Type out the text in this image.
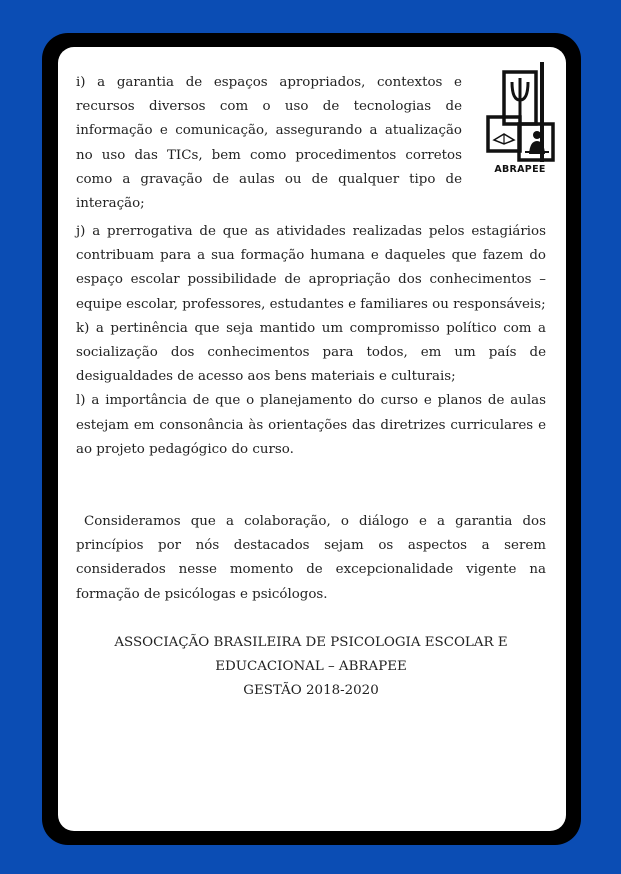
i) a garantia de espaços apropriados, contextos e recursos diversos com o uso de tecnologias de informação e comunicação, assegurando a atualização no uso das TICs, bem como procedimentos corretos como a gravação de aulas ou de qualquer tipo de interação;

ABRAPEE

j) a prerrogativa de que as atividades realizadas pelos estagiários contribuam para a sua formação humana e daqueles que fazem do espaço escolar possibilidade de apropriação dos conhecimentos – equipe escolar, professores, estudantes e familiares ou responsáveis;

k) a pertinência que seja mantido um compromisso político com a socialização dos conhecimentos para todos, em um país de desigualdades de acesso aos bens materiais e culturais;

l) a importância de que o planejamento do curso e planos de aulas estejam em consonância às orientações das diretrizes curriculares e ao projeto pedagógico do curso.

Consideramos que a colaboração, o diálogo e a garantia dos princípios por nós destacados sejam os aspectos a serem considerados nesse momento de excepcionalidade vigente na formação de psicólogas e psicólogos.

ASSOCIAÇÃO BRASILEIRA DE PSICOLOGIA ESCOLAR E
EDUCACIONAL – ABRAPEE
GESTÃO 2018-2020
